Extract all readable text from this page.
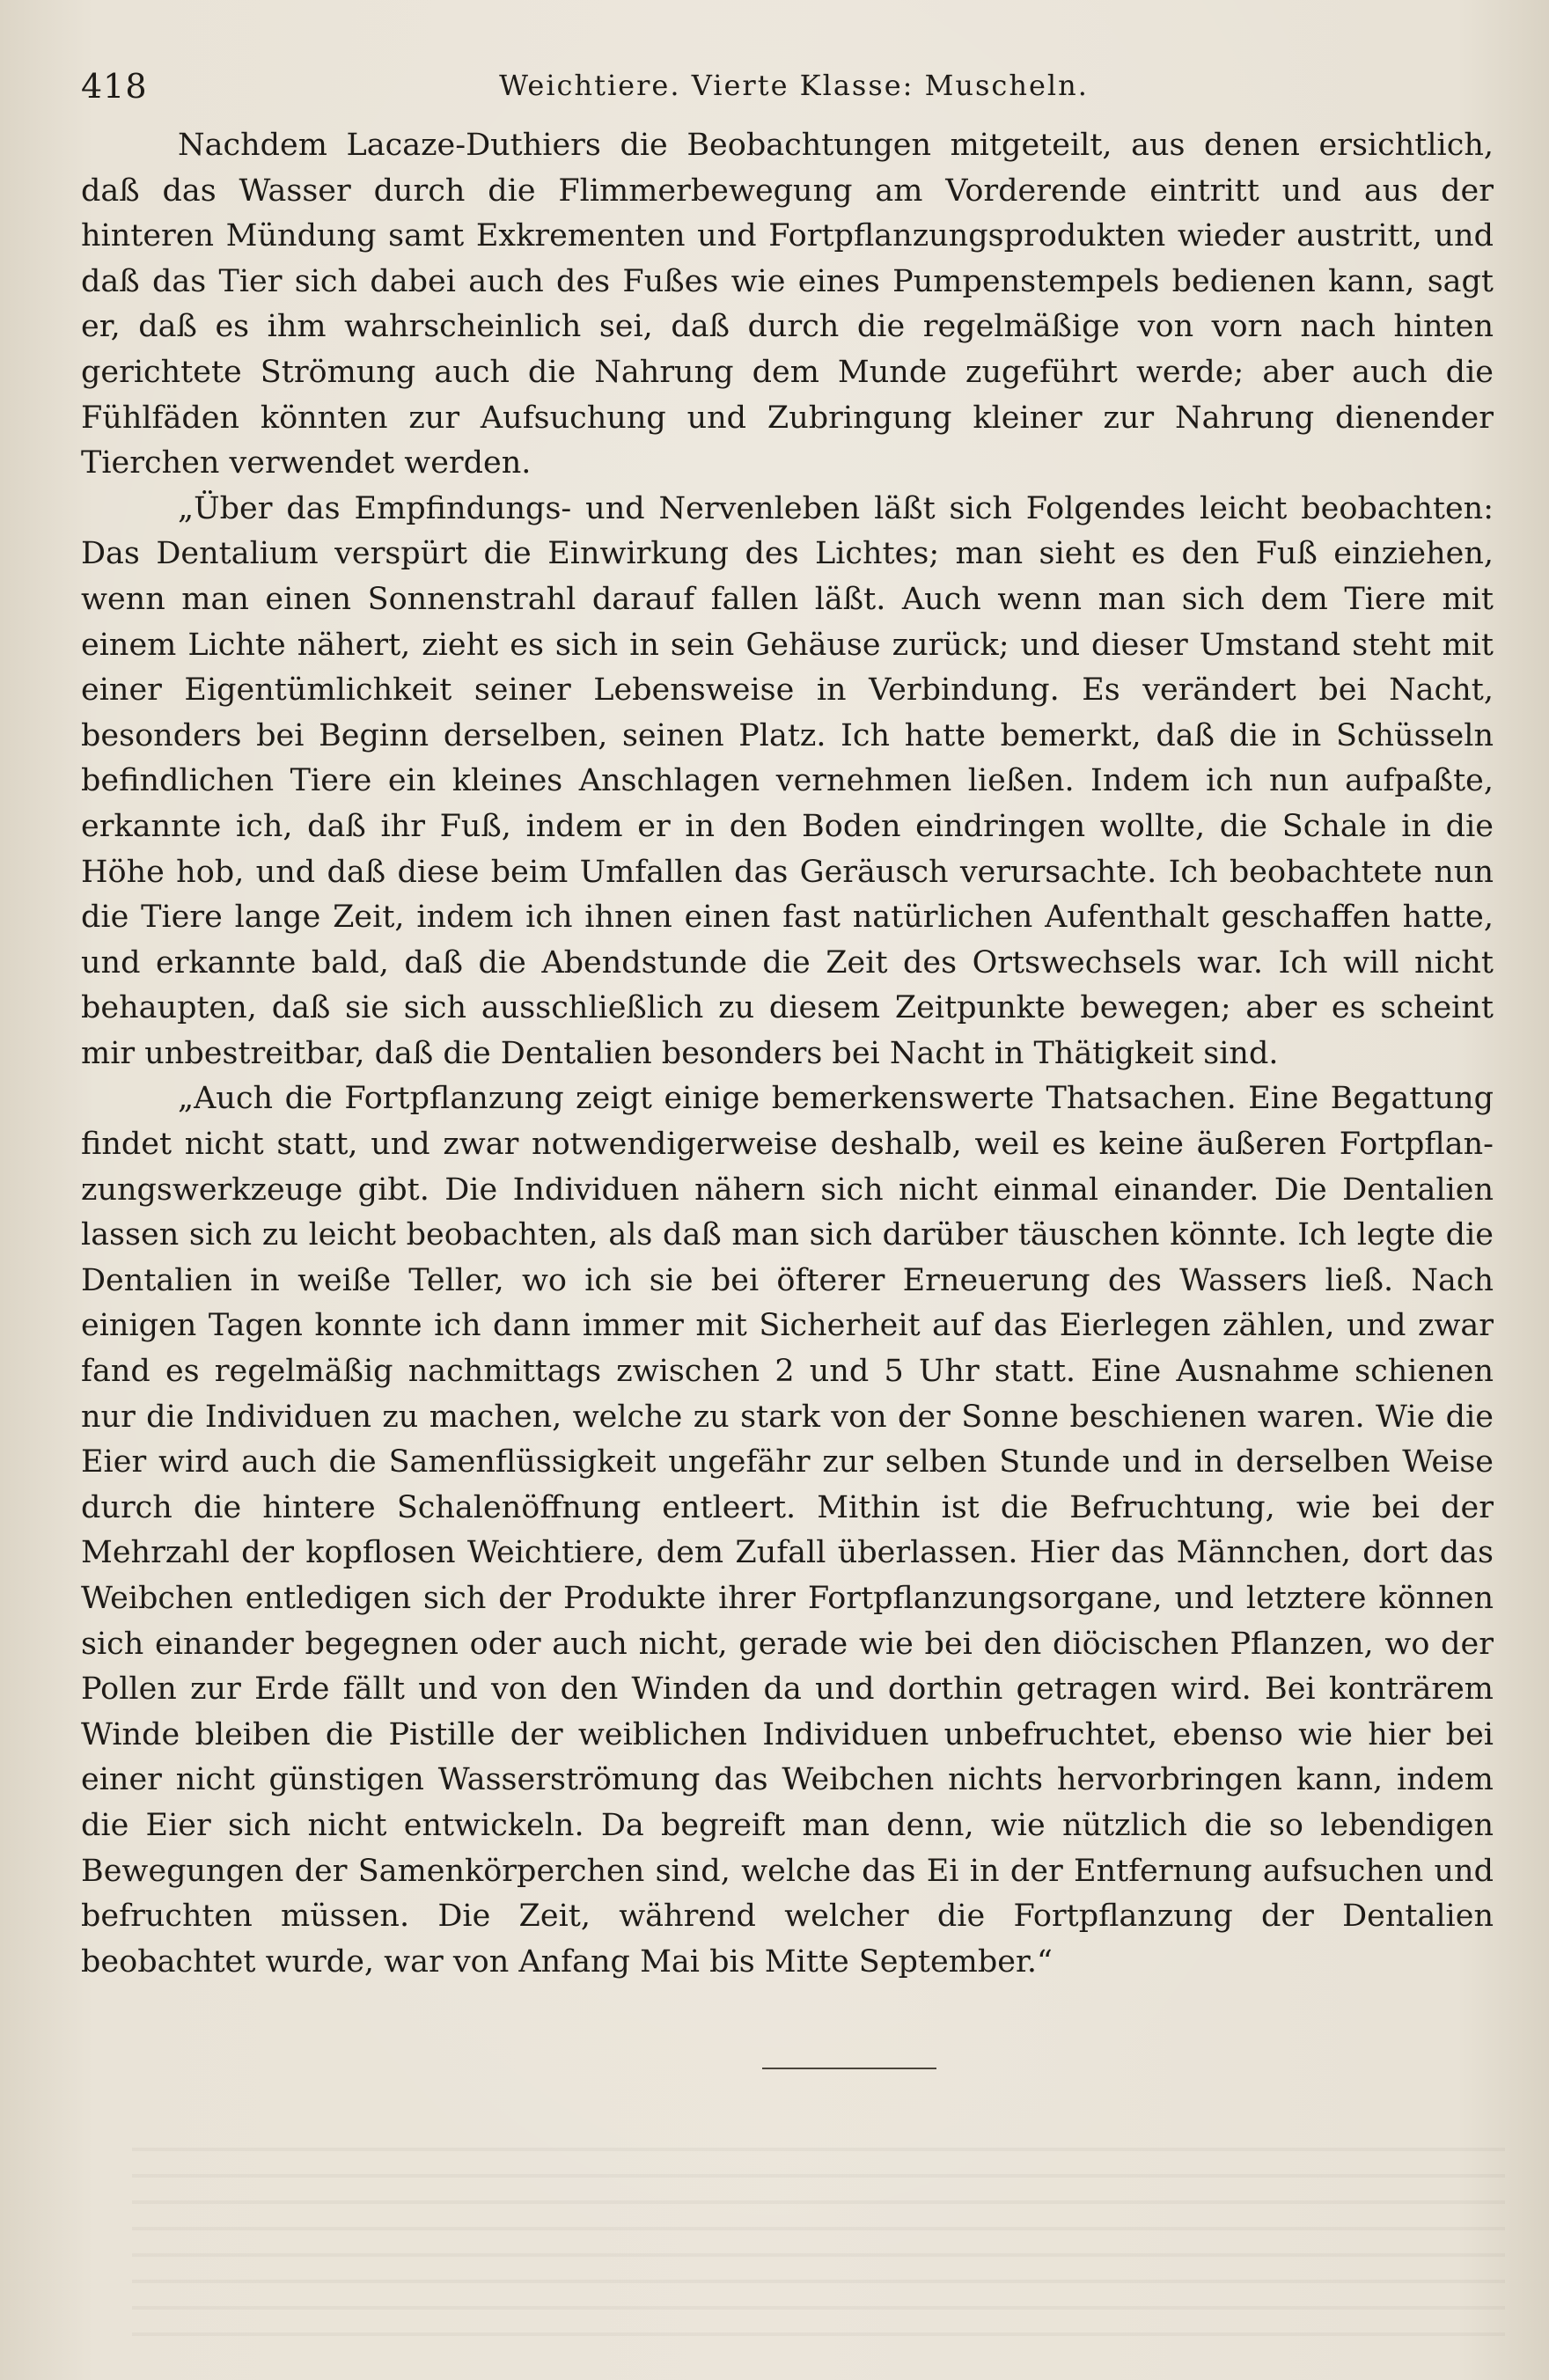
418	Weichtiere. Vierte Klasse: Muscheln.

Nachdem Lacaze-Duthiers die Beobachtungen mitgeteilt, aus denen ersichtlich, daß das Wasser durch die Flimmerbewegung am Vorderende eintritt und aus der hinteren Mündung samt Exkrementen und Fortpflanzungsprodukten wieder austritt, und daß das Tier sich dabei auch des Fußes wie eines Pumpenstempels bedienen kann, sagt er, daß es ihm wahrscheinlich sei, daß durch die regelmäßige von vorn nach hinten gerichtete Strömung auch die Nahrung dem Munde zugeführt werde; aber auch die Fühlfäden könnten zur Aufsuchung und Zubringung kleiner zur Nahrung dienender Tierchen verwendet werden.

„Über das Empfindungs- und Nervenleben läßt sich Folgendes leicht beobachten: Das Dentalium verspürt die Einwirkung des Lichtes; man sieht es den Fuß einziehen, wenn man einen Sonnenstrahl darauf fallen läßt. Auch wenn man sich dem Tiere mit einem Lichte nähert, zieht es sich in sein Gehäuse zurück; und dieser Umstand steht mit einer Eigentümlichkeit seiner Lebensweise in Verbindung. Es verändert bei Nacht, besonders bei Beginn derselben, seinen Platz. Ich hatte bemerkt, daß die in Schüsseln befindlichen Tiere ein kleines Anschlagen vernehmen ließen. Indem ich nun aufpaßte, erkannte ich, daß ihr Fuß, indem er in den Boden eindringen wollte, die Schale in die Höhe hob, und daß diese beim Umfallen das Geräusch verursachte. Ich beobachtete nun die Tiere lange Zeit, indem ich ihnen einen fast natürlichen Aufenthalt geschaffen hatte, und erkannte bald, daß die Abendstunde die Zeit des Ortswechsels war. Ich will nicht behaupten, daß sie sich ausschließlich zu diesem Zeitpunkte bewegen; aber es scheint mir unbestreitbar, daß die Dentalien besonders bei Nacht in Thätigkeit sind.

„Auch die Fortpflanzung zeigt einige bemerkenswerte Thatsachen. Eine Begattung findet nicht statt, und zwar notwendigerweise deshalb, weil es keine äußeren Fortpflanzungswerkzeuge gibt. Die Individuen nähern sich nicht einmal einander. Die Dentalien lassen sich zu leicht beobachten, als daß man sich darüber täuschen könnte. Ich legte die Dentalien in weiße Teller, wo ich sie bei öfterer Erneuerung des Wassers ließ. Nach einigen Tagen konnte ich dann immer mit Sicherheit auf das Eierlegen zählen, und zwar fand es regelmäßig nachmittags zwischen 2 und 5 Uhr statt. Eine Ausnahme schienen nur die Individuen zu machen, welche zu stark von der Sonne beschienen waren. Wie die Eier wird auch die Samenflüssigkeit ungefähr zur selben Stunde und in derselben Weise durch die hintere Schalenöffnung entleert. Mithin ist die Befruchtung, wie bei der Mehrzahl der kopflosen Weichtiere, dem Zufall überlassen. Hier das Männchen, dort das Weibchen entledigen sich der Produkte ihrer Fortpflanzungsorgane, und letztere können sich einander begegnen oder auch nicht, gerade wie bei den diöcischen Pflanzen, wo der Pollen zur Erde fällt und von den Winden da und dorthin getragen wird. Bei konträrem Winde bleiben die Pistille der weiblichen Individuen unbefruchtet, ebenso wie hier bei einer nicht günstigen Wasserströmung das Weibchen nichts hervorbringen kann, indem die Eier sich nicht entwickeln. Da begreift man denn, wie nützlich die so lebendigen Bewegungen der Samenkörperchen sind, welche das Ei in der Entfernung aufsuchen und befruchten müssen. Die Zeit, während welcher die Fortpflanzung der Dentalien beobachtet wurde, war von Anfang Mai bis Mitte September.“
